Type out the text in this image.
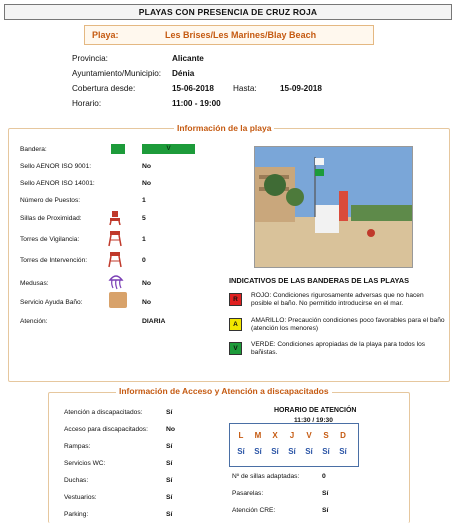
PLAYAS CON PRESENCIA DE CRUZ ROJA
Playa:	Les Brises/Les Marines/Blay Beach
Provincia:	Alicante
Ayuntamiento/Municipio: Dénia
Cobertura desde:	15-06-2018 Hasta:	15-09-2018
Horario:	11:00 - 19:00
Información de la playa
Bandera:	V
Sello AENOR ISO 9001:	No
Sello AENOR ISO 14001:	No
Número de Puestos:	1
Sillas de Proximidad:	5
Torres de Vigilancia:	1
Torres de Intervención:	0
Medusas:	No
Servicio Ayuda Baño:	No
Atención:	DIARIA
INDICATIVOS DE LAS BANDERAS DE LAS PLAYAS
R
ROJO: Condiciones rigurosamente adversas que no hacen posible el baño. No permitido introducirse en el mar.
A
AMARILLO: Precaución condiciones poco favorables para el baño (atención los menores)
V
VERDE: Condiciones apropiadas de la playa para todos los bañistas.
Información de Acceso y Atención a discapacitados
Atención a discapacitados:	Sí
Acceso para discapacitados:	No
Rampas:	Sí
Servicios WC:	Sí
Duchas:	Sí
Vestuarios:	Sí
Parking:	Sí
HORARIO DE ATENCIÓN
11:30 / 19:30
L	M	X	J	V	S	D
Sí	Sí	Sí	Sí	Sí	Sí	Sí
Nº de sillas adaptadas:	0
Pasarelas:	Sí
Atención CRE:	Sí
